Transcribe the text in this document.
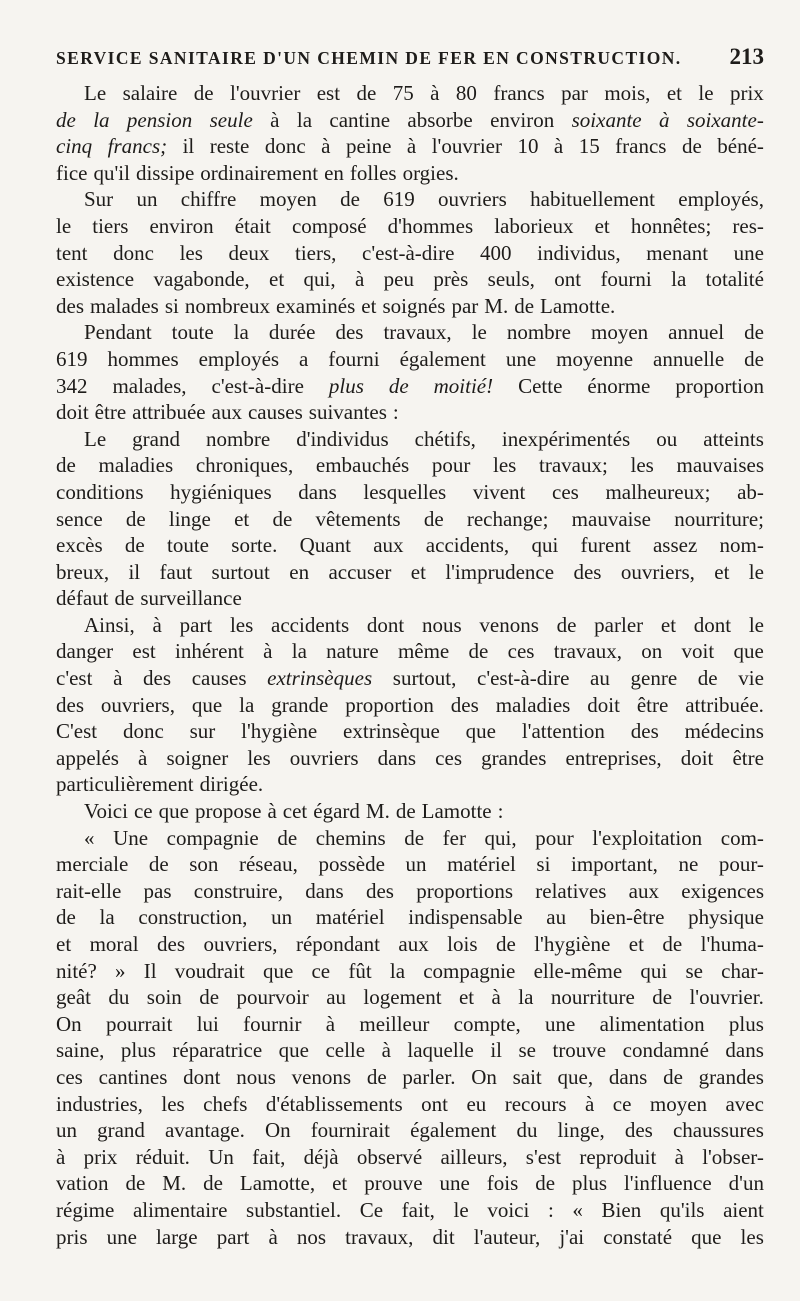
SERVICE SANITAIRE D'UN CHEMIN DE FER EN CONSTRUCTION. 213
Le salaire de l'ouvrier est de 75 à 80 francs par mois, et le prix
de la pension seule à la cantine absorbe environ soixante à soixante-
cinq francs; il reste donc à peine à l'ouvrier 10 à 15 francs de béné-
fice qu'il dissipe ordinairement en folles orgies.
Sur un chiffre moyen de 619 ouvriers habituellement employés,
le tiers environ était composé d'hommes laborieux et honnêtes; res-
tent donc les deux tiers, c'est-à-dire 400 individus, menant une
existence vagabonde, et qui, à peu près seuls, ont fourni la totalité
des malades si nombreux examinés et soignés par M. de Lamotte.
Pendant toute la durée des travaux, le nombre moyen annuel de
619 hommes employés a fourni également une moyenne annuelle de
342 malades, c'est-à-dire plus de moitié! Cette énorme proportion
doit être attribuée aux causes suivantes :
Le grand nombre d'individus chétifs, inexpérimentés ou atteints
de maladies chroniques, embauchés pour les travaux; les mauvaises
conditions hygiéniques dans lesquelles vivent ces malheureux; ab-
sence de linge et de vêtements de rechange; mauvaise nourriture;
excès de toute sorte. Quant aux accidents, qui furent assez nom-
breux, il faut surtout en accuser et l'imprudence des ouvriers, et le
défaut de surveillance
Ainsi, à part les accidents dont nous venons de parler et dont le
danger est inhérent à la nature même de ces travaux, on voit que
c'est à des causes extrinsèques surtout, c'est-à-dire au genre de vie
des ouvriers, que la grande proportion des maladies doit être attribuée.
C'est donc sur l'hygiène extrinsèque que l'attention des médecins
appelés à soigner les ouvriers dans ces grandes entreprises, doit être
particulièrement dirigée.
Voici ce que propose à cet égard M. de Lamotte :
« Une compagnie de chemins de fer qui, pour l'exploitation com-
merciale de son réseau, possède un matériel si important, ne pour-
rait-elle pas construire, dans des proportions relatives aux exigences
de la construction, un matériel indispensable au bien-être physique
et moral des ouvriers, répondant aux lois de l'hygiène et de l'huma-
nité? » Il voudrait que ce fût la compagnie elle-même qui se char-
geât du soin de pourvoir au logement et à la nourriture de l'ouvrier.
On pourrait lui fournir à meilleur compte, une alimentation plus
saine, plus réparatrice que celle à laquelle il se trouve condamné dans
ces cantines dont nous venons de parler. On sait que, dans de grandes
industries, les chefs d'établissements ont eu recours à ce moyen avec
un grand avantage. On fournirait également du linge, des chaussures
à prix réduit. Un fait, déjà observé ailleurs, s'est reproduit à l'obser-
vation de M. de Lamotte, et prouve une fois de plus l'influence d'un
régime alimentaire substantiel. Ce fait, le voici : « Bien qu'ils aient
pris une large part à nos travaux, dit l'auteur, j'ai constaté que les
